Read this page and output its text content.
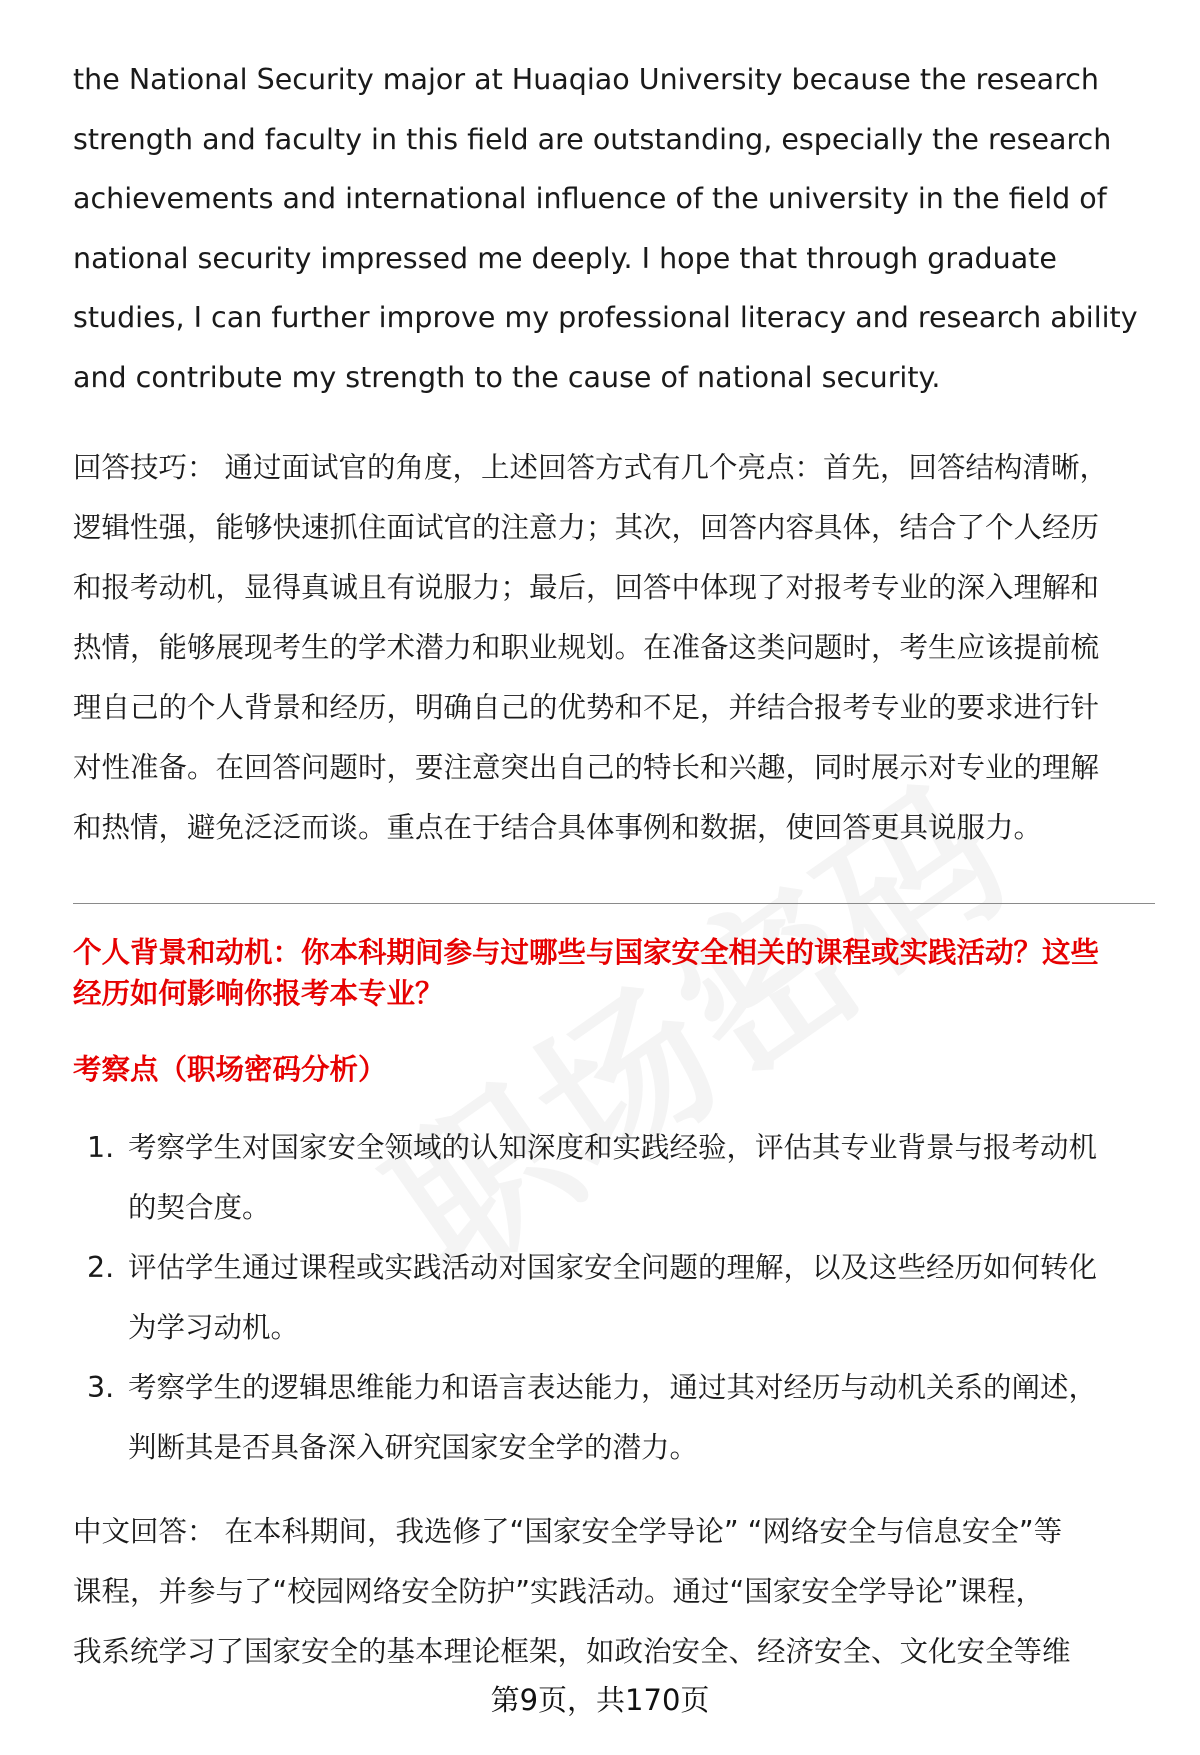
the National Security major at Huaqiao University because the research
strength and faculty in this field are outstanding, especially the research
achievements and international influence of the university in the field of
national security impressed me deeply. I hope that through graduate
studies, I can further improve my professional literacy and research ability
and contribute my strength to the cause of national security.
回答技巧： 通过面试官的角度，上述回答方式有几个亮点：首先，回答结构清晰，
逻辑性强，能够快速抓住面试官的注意力；其次，回答内容具体，结合了个人经历
和报考动机，显得真诚且有说服力；最后，回答中体现了对报考专业的深入理解和
热情，能够展现考生的学术潜力和职业规划。在准备这类问题时，考生应该提前梳
理自己的个人背景和经历，明确自己的优势和不足，并结合报考专业的要求进行针
对性准备。在回答问题时，要注意突出自己的特长和兴趣，同时展示对专业的理解
和热情，避免泛泛而谈。重点在于结合具体事例和数据，使回答更具说服力。
个人背景和动机：你本科期间参与过哪些与国家安全相关的课程或实践活动？这些
经历如何影响你报考本专业？
考察点（职场密码分析）
1. 考察学生对国家安全领域的认知深度和实践经验，评估其专业背景与报考动机
的契合度。
2. 评估学生通过课程或实践活动对国家安全问题的理解，以及这些经历如何转化
为学习动机。
3. 考察学生的逻辑思维能力和语言表达能力，通过其对经历与动机关系的阐述，
判断其是否具备深入研究国家安全学的潜力。
中文回答： 在本科期间，我选修了“国家安全学导论” “网络安全与信息安全”等
课程，并参与了“校园网络安全防护”实践活动。通过“国家安全学导论”课程，
我系统学习了国家安全的基本理论框架，如政治安全、经济安全、文化安全等维
第9页，共170页
